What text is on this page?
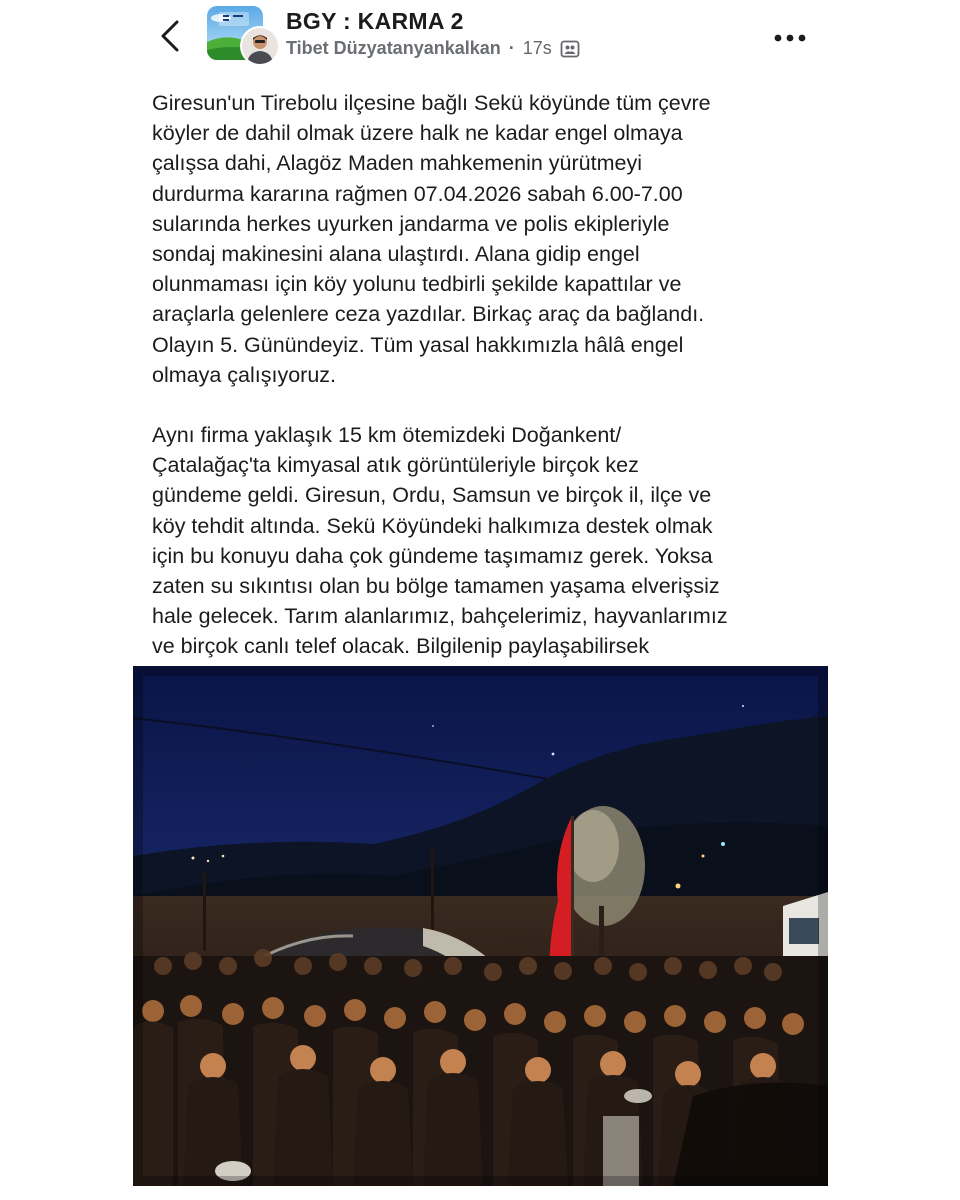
BGY : KARMA 2
Tibet Düzyatanyankalkan · 17s

Giresun'un Tirebolu ilçesine bağlı Sekü köyünde tüm çevre
köyler de dahil olmak üzere halk ne kadar engel olmaya
çalışsa dahi, Alagöz Maden mahkemenin yürütmeyi
durdurma kararına rağmen 07.04.2026 sabah 6.00-7.00
sularında herkes uyurken jandarma ve polis ekipleriyle
sondaj makinesini alana ulaştırdı. Alana gidip engel
olunmaması için köy yolunu tedbirli şekilde kapattılar ve
araçlarla gelenlere ceza yazdılar. Birkaç araç da bağlandı.
Olayın 5. Günündeyiz. Tüm yasal hakkımızla hâlâ engel
olmaya çalışıyoruz.

Aynı firma yaklaşık 15 km ötemizdeki Doğankent/
Çatalağaç'ta kimyasal atık görüntüleriyle birçok kez
gündeme geldi. Giresun, Ordu, Samsun ve birçok il, ilçe ve
köy tehdit altında. Sekü Köyündeki halkımıza destek olmak
için bu konuyu daha çok gündeme taşımamız gerek. Yoksa
zaten su sıkıntısı olan bu bölge tamamen yaşama elverişsiz
hale gelecek. Tarım alanlarımız, bahçelerimiz, hayvanlarımız
ve birçok canlı telef olacak. Bilgilenip paylaşabilirsek
